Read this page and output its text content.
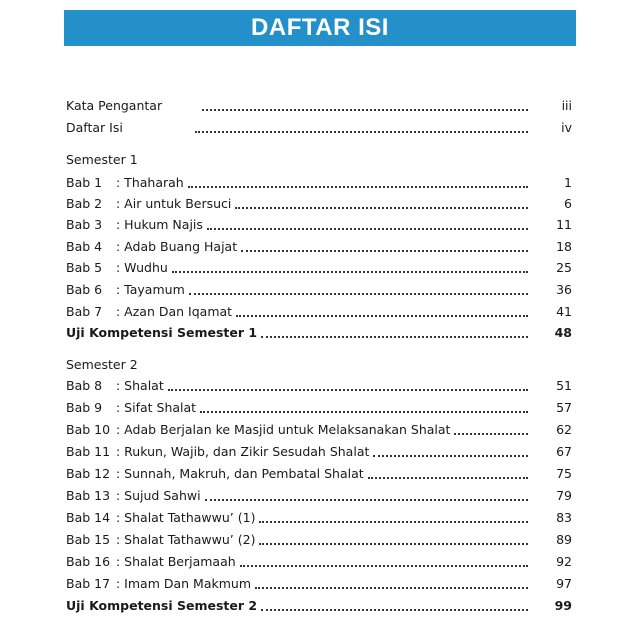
DAFTAR ISI
Kata Pengantar	iii
Daftar Isi	iv
Semester 1
Bab 1	: Thaharah	1
Bab 2	: Air untuk Bersuci	6
Bab 3	: Hukum Najis	11
Bab 4	: Adab Buang Hajat	18
Bab 5	: Wudhu	25
Bab 6	: Tayamum	36
Bab 7	: Azan Dan Iqamat	41
Uji Kompetensi Semester 1	48
Semester 2
Bab 8	: Shalat	51
Bab 9	: Sifat Shalat	57
Bab 10 : Adab Berjalan ke Masjid untuk Melaksanakan Shalat	62
Bab 11 : Rukun, Wajib, dan Zikir Sesudah Shalat	67
Bab 12 : Sunnah, Makruh, dan Pembatal Shalat	75
Bab 13 : Sujud Sahwi	79
Bab 14 : Shalat Tathawwu’ (1)	83
Bab 15 : Shalat Tathawwu’ (2)	89
Bab 16 : Shalat Berjamaah	92
Bab 17 : Imam Dan Makmum	97
Uji Kompetensi Semester 2	99
